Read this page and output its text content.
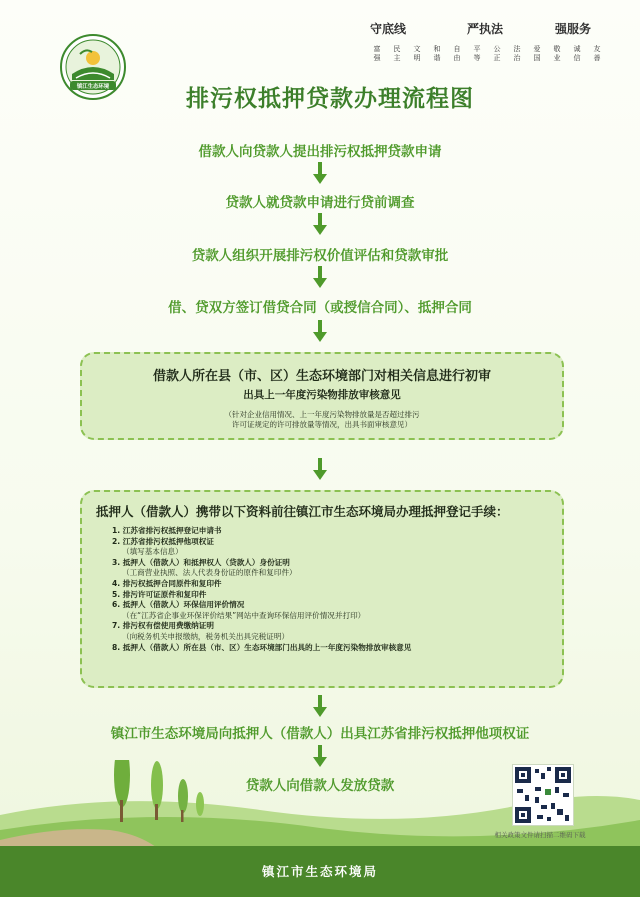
镇江生态环境
守底线	严执法	强服务
富强
民主
文明
和谐
自由
平等
公正
法治
爱国
敬业
诚信
友善
排污权抵押贷款办理流程图
借款人向贷款人提出排污权抵押贷款申请
贷款人就贷款申请进行贷前调查
贷款人组织开展排污权价值评估和贷款审批
借、贷双方签订借贷合同（或授信合同）、抵押合同
借款人所在县（市、区）生态环境部门对相关信息进行初审
出具上一年度污染物排放审核意见
（针对企业信用情况、上一年度污染物排放量是否超过排污
许可证规定的许可排放量等情况，出具书面审核意见）
抵押人（借款人）携带以下资料前往镇江市生态环境局办理抵押登记手续：
1. 江苏省排污权抵押登记申请书
2. 江苏省排污权抵押他项权证
（填写基本信息）
3. 抵押人（借款人）和抵押权人（贷款人）身份证明
（工商营业执照、法人代表身份证的原件和复印件）
4. 排污权抵押合同原件和复印件
5. 排污许可证原件和复印件
6. 抵押人（借款人）环保信用评价情况
（在“江苏省企事业环保评价结果”网站中查询环保信用评价情况并打印）
7. 排污权有偿使用费缴纳证明
（向税务机关申报缴纳，税务机关出具完税证明）
8. 抵押人（借款人）所在县（市、区）生态环境部门出具的上一年度污染物排放审核意见
镇江市生态环境局向抵押人（借款人）出具江苏省排污权抵押他项权证
贷款人向借款人发放贷款
相关政策文件请扫描二维码下载
镇江市生态环境局
